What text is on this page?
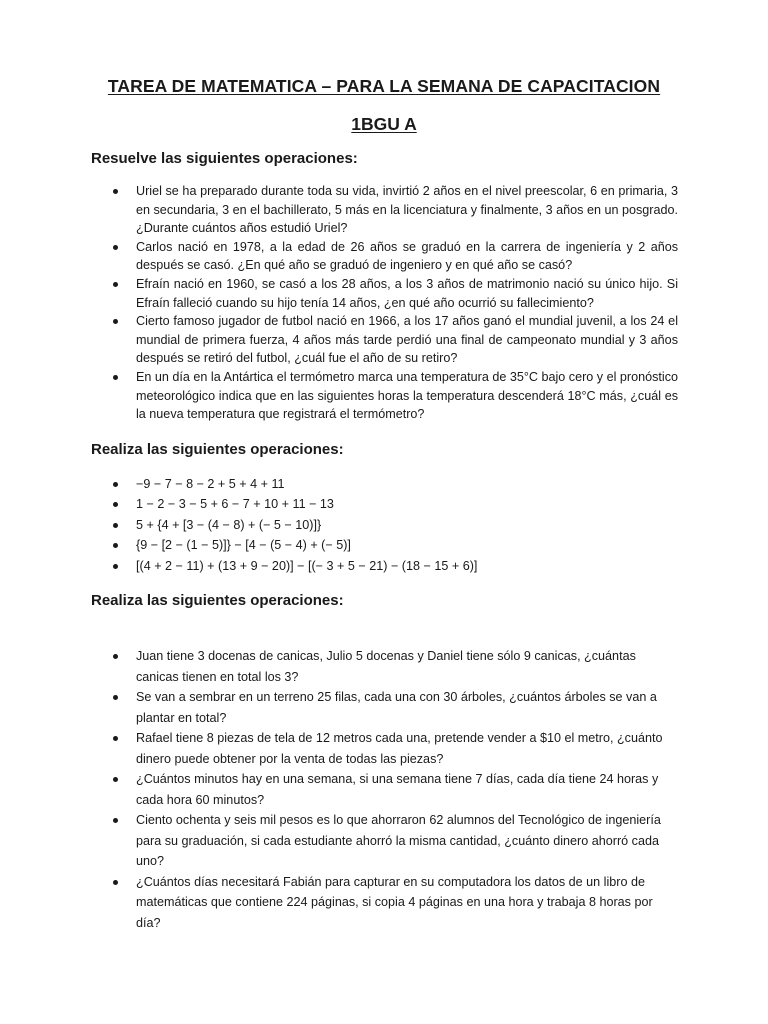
TAREA DE MATEMATICA – PARA LA SEMANA DE CAPACITACION
1BGU A
Resuelve las siguientes operaciones:
Uriel se ha preparado durante toda su vida, invirtió 2 años en el nivel preescolar, 6 en primaria, 3 en secundaria, 3 en el bachillerato, 5 más en la licenciatura y finalmente, 3 años en un posgrado. ¿Durante cuántos años estudió Uriel?
Carlos nació en 1978, a la edad de 26 años se graduó en la carrera de ingeniería y 2 años después se casó. ¿En qué año se graduó de ingeniero y en qué año se casó?
Efraín nació en 1960, se casó a los 28 años, a los 3 años de matrimonio nació su único hijo. Si Efraín falleció cuando su hijo tenía 14 años, ¿en qué año ocurrió su fallecimiento?
Cierto famoso jugador de futbol nació en 1966, a los 17 años ganó el mundial juvenil, a los 24 el mundial de primera fuerza, 4 años más tarde perdió una final de campeonato mundial y 3 años después se retiró del futbol, ¿cuál fue el año de su retiro?
En un día en la Antártica el termómetro marca una temperatura de 35°C bajo cero y el pronóstico meteorológico indica que en las siguientes horas la temperatura descenderá 18°C más, ¿cuál es la nueva temperatura que registrará el termómetro?
Realiza las siguientes operaciones:
−9 − 7 − 8 − 2 + 5 + 4 + 11
1 − 2 − 3 − 5 + 6 − 7 + 10 + 11 − 13
5 + {4 + [3 − (4 − 8) + (− 5 − 10)]}
{9 − [2 − (1 − 5)]} − [4 − (5 − 4) + (− 5)]
[(4 + 2 − 11) + (13 + 9 − 20)] − [(− 3 + 5 − 21) − (18 − 15 + 6)]
Realiza las siguientes operaciones:
Juan tiene 3 docenas de canicas, Julio 5 docenas y Daniel tiene sólo 9 canicas, ¿cuántas canicas tienen en total los 3?
Se van a sembrar en un terreno 25 filas, cada una con 30 árboles, ¿cuántos árboles se van a plantar en total?
Rafael tiene 8 piezas de tela de 12 metros cada una, pretende vender a $10 el metro, ¿cuánto dinero puede obtener por la venta de todas las piezas?
¿Cuántos minutos hay en una semana, si una semana tiene 7 días, cada día tiene 24 horas y cada hora 60 minutos?
Ciento ochenta y seis mil pesos es lo que ahorraron 62 alumnos del Tecnológico de ingeniería para su graduación, si cada estudiante ahorró la misma cantidad, ¿cuánto dinero ahorró cada uno?
¿Cuántos días necesitará Fabián para capturar en su computadora los datos de un libro de matemáticas que contiene 224 páginas, si copia 4 páginas en una hora y trabaja 8 horas por día?
